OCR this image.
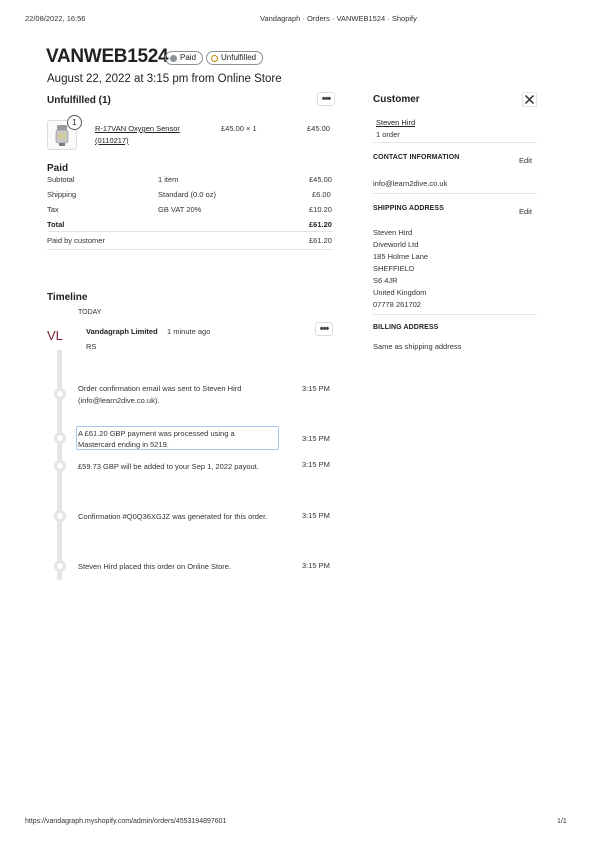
22/08/2022, 16:56	Vandagraph · Orders · VANWEB1524 · Shopify
VANWEB1524 Paid	Unfulfilled
August 22, 2022 at 3:15 pm from Online Store
Unfulfilled (1)	•••
1
R-17VAN Oxygen Sensor
(0110217)
£45.00 × 1	£45.00
Paid
Subtotal	1 item	£45.00
Shipping	Standard (0.0 oz)	£6.00
Tax	GB VAT 20%	£10.20
Total	£61.20
Paid by customer	£61.20
Timeline
TODAY
VL	Vandagraph Limited 1 minute ago
RS
•••
Order confirmation email was sent to Steven Hird
(info@learn2dive.co.uk).
3:15 PM
A £61.20 GBP payment was processed using a
Mastercard ending in 5219.
3:15 PM
£59.73 GBP will be added to your Sep 1, 2022 payout.	3:15 PM
Confirmation #Q0Q36XGJZ was generated for this order.	3:15 PM
Steven Hird placed this order on Online Store.	3:15 PM
Customer
Steven Hird
1 order
CONTACT INFORMATION	Edit
info@learn2dive.co.uk
SHIPPING ADDRESS	Edit
Steven Hird
Diveworld Ltd
185 Holme Lane
SHEFFIELD
S6 4JR
United Kingdom
07778 261702
BILLING ADDRESS
Same as shipping address
https://vandagraph.myshopify.com/admin/orders/4553194897601	1/1
